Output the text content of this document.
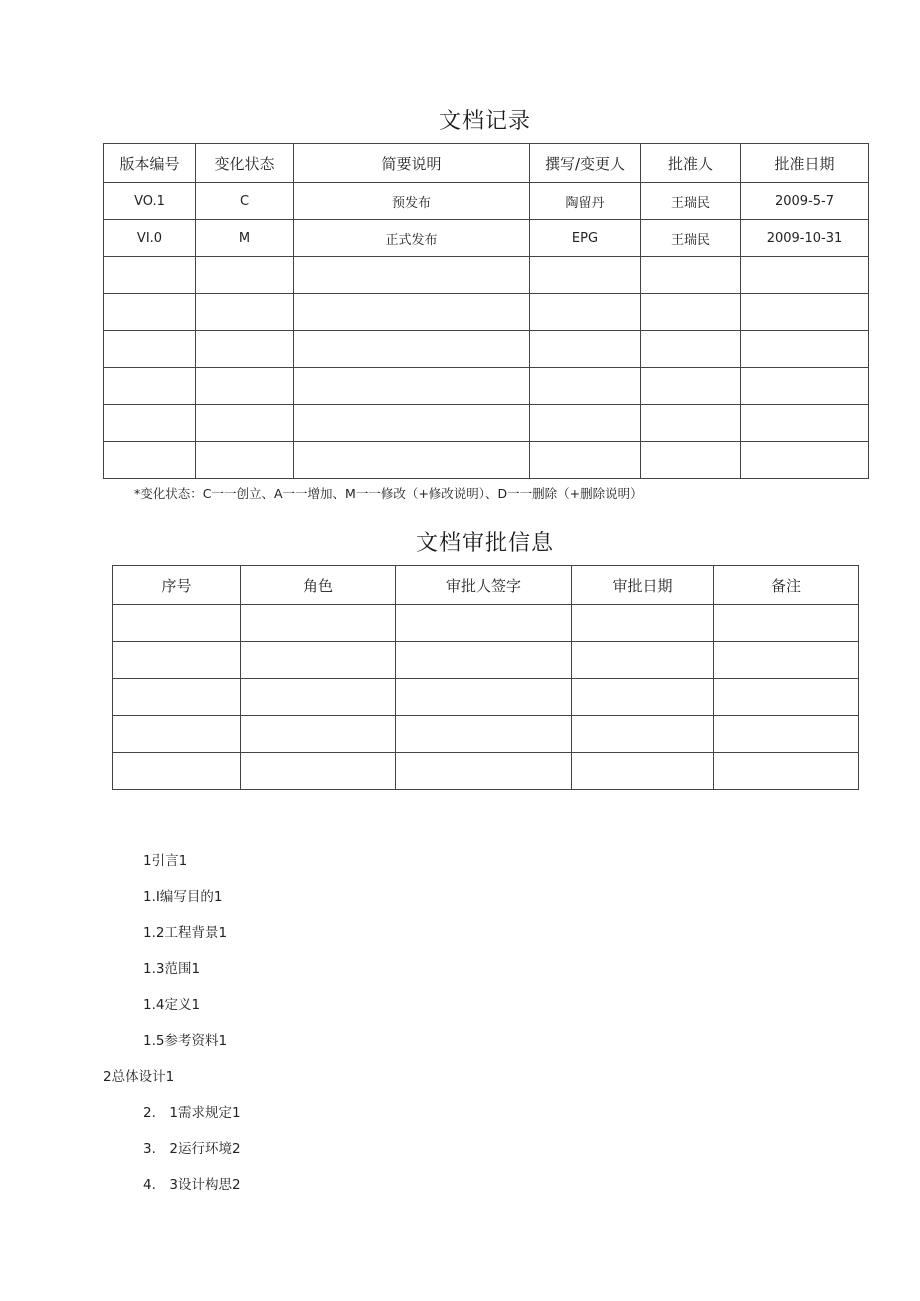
文档记录
版本编号	变化状态	简要说明	撰写/变更人	批准人	批准日期
VO.1	C	预发布	陶留丹	王瑞民	2009-5-7
VI.0	M	正式发布	EPG	王瑞民	2009-10-31

*变化状态：C一一创立、A一一增加、M一一修改（+修改说明）、D一一删除（+删除说明）
文档审批信息
序号	角色	审批人签字	审批日期	备注

1引言1
1.I编写目的1
1.2工程背景1
1.3范围1
1.4定义1
1.5参考资料1
2总体设计1
2.　1需求规定1
3.　2运行环境2
4.　3设计构思2
